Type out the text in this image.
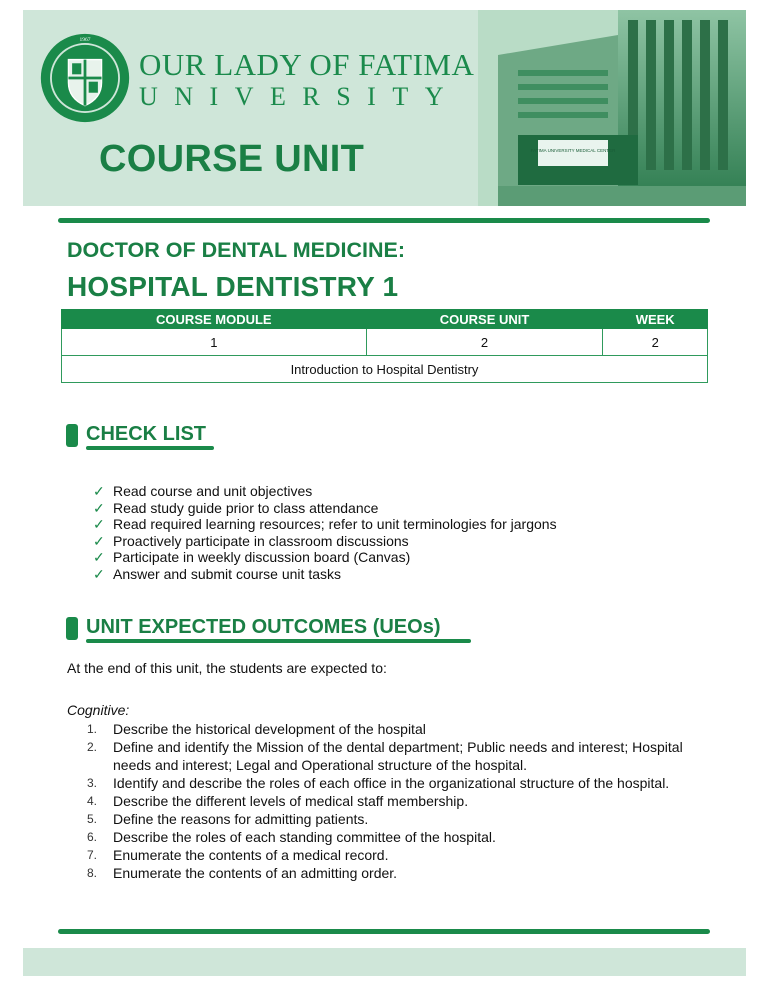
1967
OUR LADY OF FATIMA
UNIVERSITY
COURSE UNIT	FATIMA UNIVERSITY MEDICAL CENTER
DOCTOR OF DENTAL MEDICINE:
HOSPITAL DENTISTRY 1
COURSE MODULE	COURSE UNIT	WEEK
1	2	2
Introduction to Hospital Dentistry		
CHECK LIST
✓ Read course and unit objectives
✓ Read study guide prior to class attendance
✓ Read required learning resources; refer to unit terminologies for jargons
✓ Proactively participate in classroom discussions
✓ Participate in weekly discussion board (Canvas)
✓ Answer and submit course unit tasks
UNIT EXPECTED OUTCOMES (UEOs)
At the end of this unit, the students are expected to:
Cognitive:
1. Describe the historical development of the hospital
2. Define and identify the Mission of the dental department; Public needs and interest; Hospital needs and interest; Legal and Operational structure of the hospital.
3. Identify and describe the roles of each office in the organizational structure of the hospital.
4. Describe the different levels of medical staff membership.
5. Define the reasons for admitting patients.
6. Describe the roles of each standing committee of the hospital.
7. Enumerate the contents of a medical record.
8. Enumerate the contents of an admitting order.
